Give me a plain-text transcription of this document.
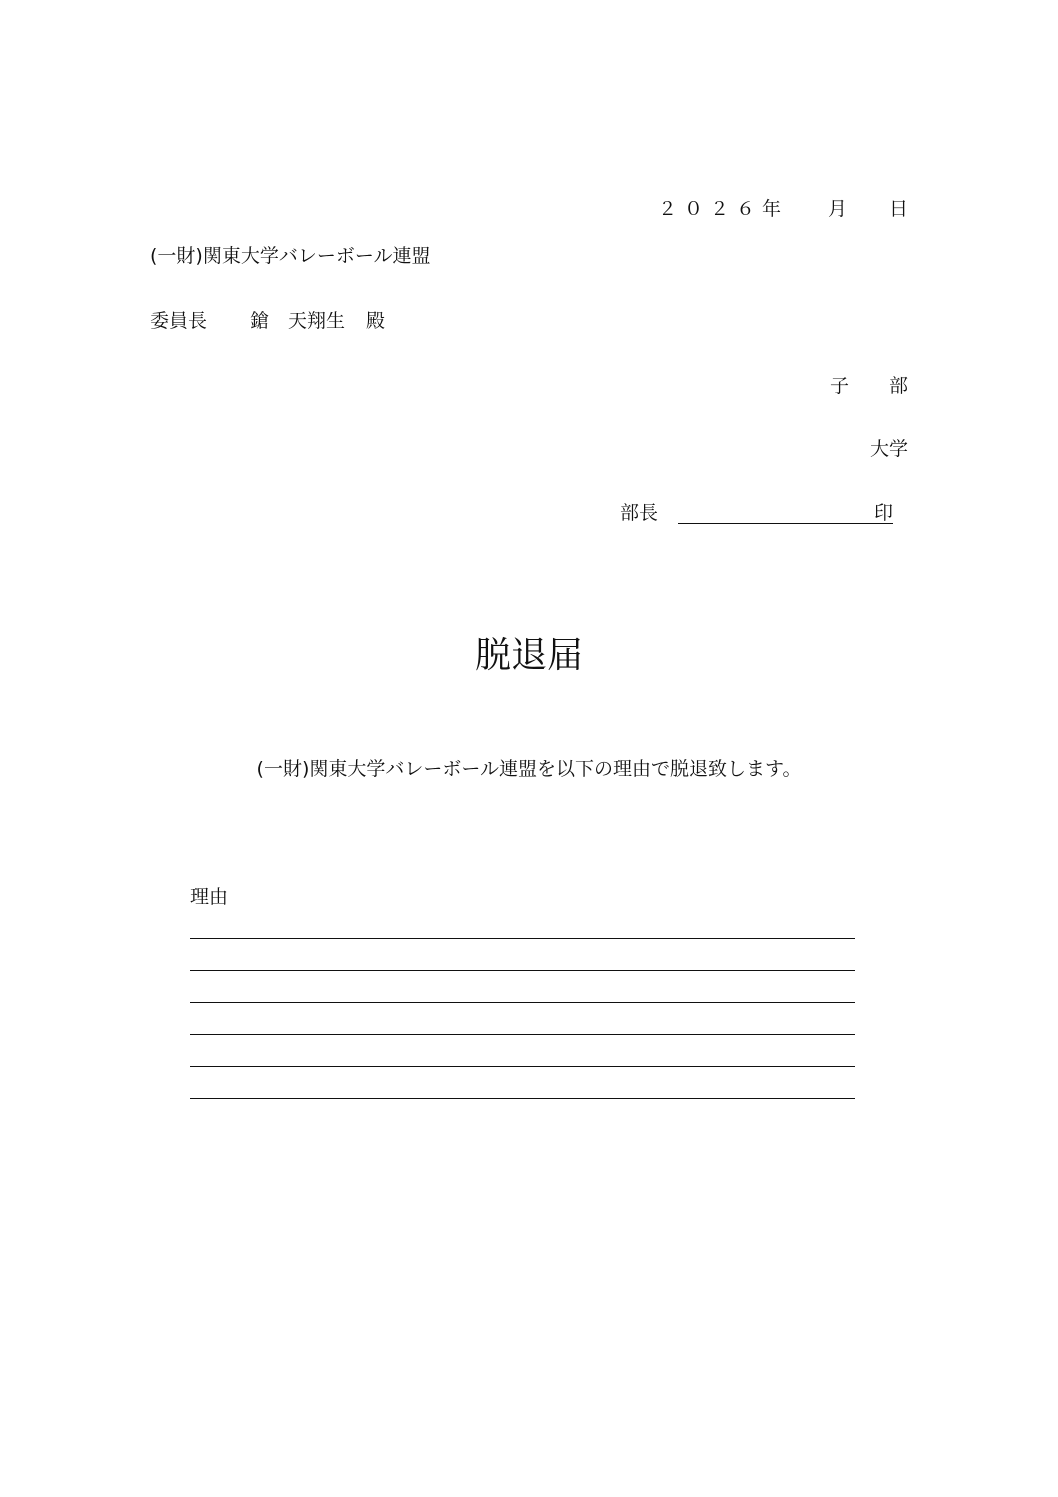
２０２６年 月 日
(一財)関東大学バレーボール連盟
委員長 鎗 天翔生 殿
子 部
大学
部長	印
脱退届
(一財)関東大学バレーボール連盟を以下の理由で脱退致します。
理由
